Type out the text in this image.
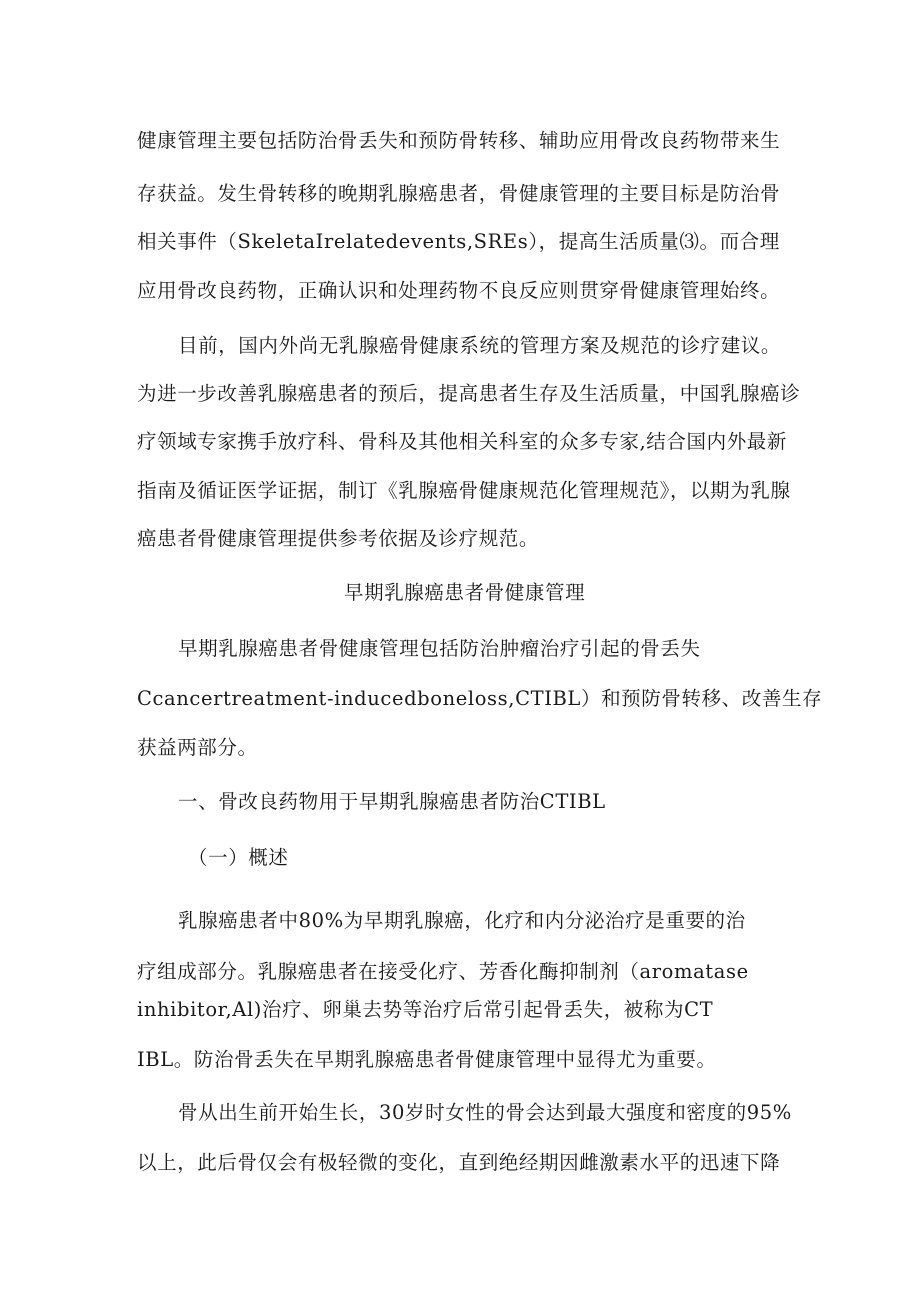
健康管理主要包括防治骨丢失和预防骨转移、辅助应用骨改良药物带来生
存获益。发生骨转移的晚期乳腺癌患者，骨健康管理的主要目标是防治骨
相关事件（SkeletaIrelatedevents,SREs），提高生活质量⑶。而合理
应用骨改良药物，正确认识和处理药物不良反应则贯穿骨健康管理始终。
目前，国内外尚无乳腺癌骨健康系统的管理方案及规范的诊疗建议。
为进一步改善乳腺癌患者的预后，提高患者生存及生活质量，中国乳腺癌诊
疗领域专家携手放疗科、骨科及其他相关科室的众多专家,结合国内外最新
指南及循证医学证据，制订《乳腺癌骨健康规范化管理规范》，以期为乳腺
癌患者骨健康管理提供参考依据及诊疗规范。
早期乳腺癌患者骨健康管理
早期乳腺癌患者骨健康管理包括防治肿瘤治疗引起的骨丢失
Ccancertreatment-inducedboneloss,CTIBL）和预防骨转移、改善生存
获益两部分。
一、骨改良药物用于早期乳腺癌患者防治CTIBL
（一）概述
乳腺癌患者中80%为早期乳腺癌，化疗和内分泌治疗是重要的治
疗组成部分。乳腺癌患者在接受化疗、芳香化酶抑制剂（aromatase
inhibitor,Al)治疗、卵巢去势等治疗后常引起骨丢失，被称为CT
IBL。防治骨丢失在早期乳腺癌患者骨健康管理中显得尤为重要。
骨从出生前开始生长，30岁时女性的骨会达到最大强度和密度的95%
以上，此后骨仅会有极轻微的变化，直到绝经期因雌激素水平的迅速下降
